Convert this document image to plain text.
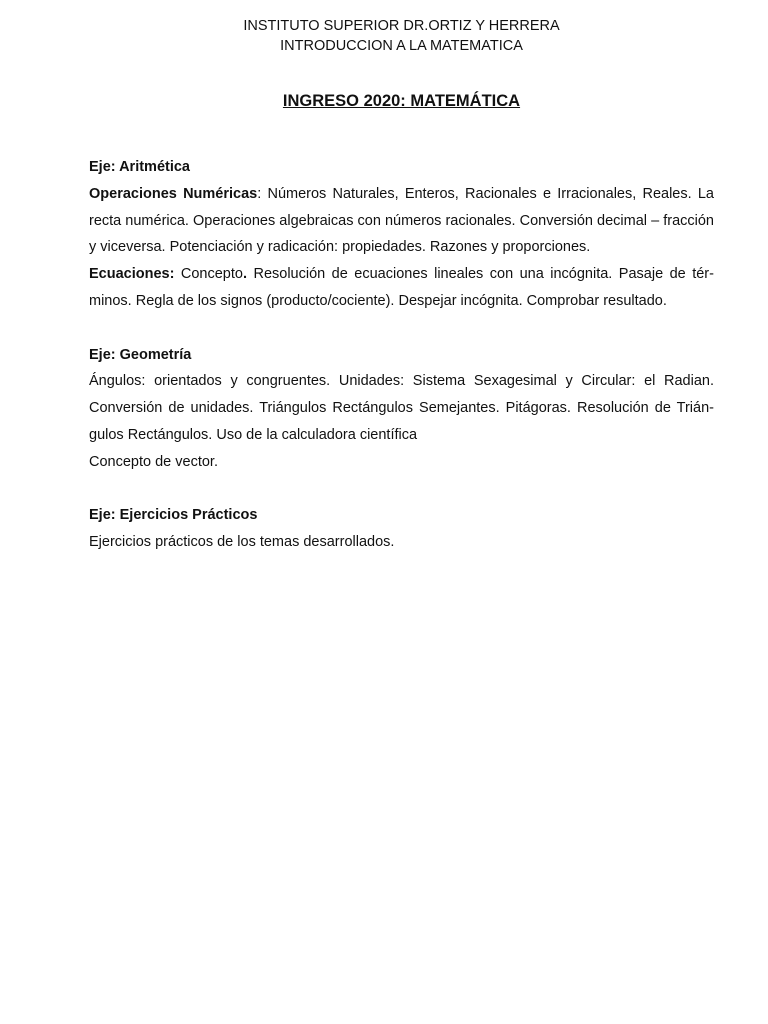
INSTITUTO SUPERIOR DR.ORTIZ Y HERRERA
INTRODUCCION A LA MATEMATICA
INGRESO 2020: MATEMÁTICA

Eje: Aritmética

Operaciones Numéricas: Números Naturales, Enteros, Racionales e Irracionales, Reales. La recta numérica. Operaciones algebraicas con números racionales. Conversión decimal – fracción y viceversa. Potenciación y radicación: propiedades. Razones y proporciones.

Ecuaciones: Concepto. Resolución de ecuaciones lineales con una incógnita. Pasaje de términos. Regla de los signos (producto/cociente). Despejar incógnita. Comprobar resultado.

Eje: Geometría

Ángulos: orientados y congruentes. Unidades: Sistema Sexagesimal y Circular: el Radian. Conversión de unidades. Triángulos Rectángulos Semejantes. Pitágoras. Resolución de Triángulos Rectángulos. Uso de la calculadora científica

Concepto de vector.

Eje: Ejercicios Prácticos

Ejercicios prácticos de los temas desarrollados.
